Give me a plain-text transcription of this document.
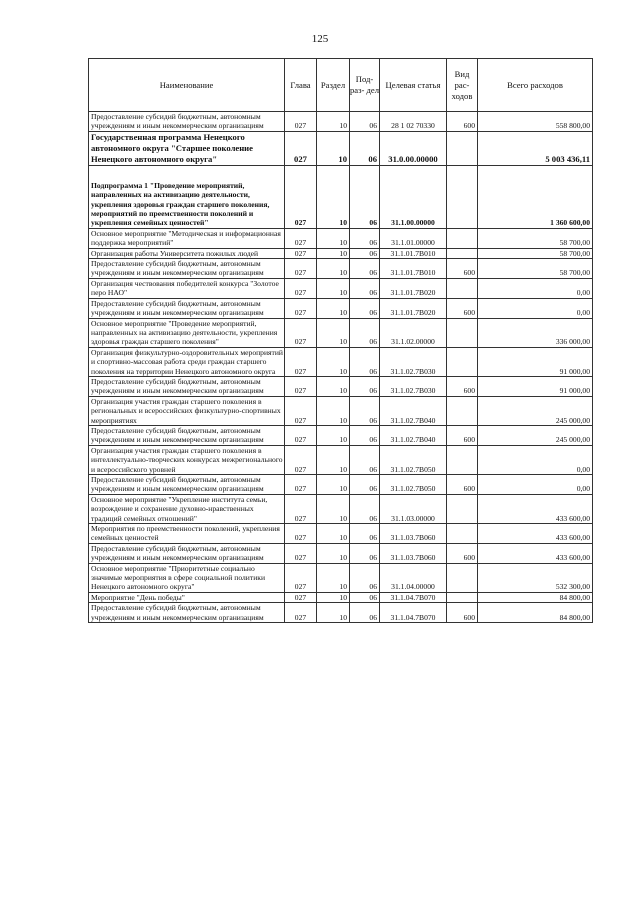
125
Наименование	Глава	Раздел	Под- раз- дел	Целевая статья	Вид рас- ходов	Всего расходов
Предоставление субсидий бюджетным, автономным учреждениям и иным некоммерческим организациям	027	10	06	28 1 02 70330	600	558 800,00
Государственная программа Ненецкого автономного округа "Старшее поколение Ненецкого автономного округа"	027	10	06	31.0.00.00000		5 003 436,11

Подпрограмма 1 "Проведение мероприятий, направленных на активизацию деятельности, укрепления здоровья граждан старшего поколения, мероприятий по преемственности поколений и укрепления семейных ценностей"	027	10	06	31.1.00.00000		1 360 600,00
Основное мероприятие "Методическая и информационная поддержка мероприятий"	027	10	06	31.1.01.00000		58 700,00
Организация работы Университета пожилых людей	027	10	06	31.1.01.7В010		58 700,00
Предоставление субсидий бюджетным, автономным учреждениям и иным некоммерческим организациям	027	10	06	31.1.01.7В010	600	58 700,00
Организация чествования победителей конкурса "Золотое перо НАО"	027	10	06	31.1.01.7В020		0,00
Предоставление субсидий бюджетным, автономным учреждениям и иным некоммерческим организациям	027	10	06	31.1.01.7В020	600	0,00
Основное мероприятие "Проведение мероприятий, направленных на активизацию деятельности, укрепления здоровья граждан старшего поколения"	027	10	06	31.1.02.00000		336 000,00
Организация физкультурно-оздоровительных мероприятий и спортивно-массовая работа среди граждан старшего поколения на территории Ненецкого автономного округа	027	10	06	31.1.02.7В030		91 000,00
Предоставление субсидий бюджетным, автономным учреждениям и иным некоммерческим организациям	027	10	06	31.1.02.7В030	600	91 000,00
Организация участия граждан старшего поколения в региональных и всероссийских физкультурно-спортивных мероприятиях	027	10	06	31.1.02.7В040		245 000,00
Предоставление субсидий бюджетным, автономным учреждениям и иным некоммерческим организациям	027	10	06	31.1.02.7В040	600	245 000,00
Организация участия граждан старшего поколения в интеллектуально-творческих конкурсах межрегионального и всероссийского уровней	027	10	06	31.1.02.7В050		0,00
Предоставление субсидий бюджетным, автономным учреждениям и иным некоммерческим организациям	027	10	06	31.1.02.7В050	600	0,00
Основное мероприятие "Укрепление института семьи, возрождение и сохранение духовно-нравственных традиций семейных отношений"	027	10	06	31.1.03.00000		433 600,00
Мероприятия по преемственности поколений, укрепления семейных ценностей	027	10	06	31.1.03.7В060		433 600,00
Предоставление субсидий бюджетным, автономным учреждениям и иным некоммерческим организациям	027	10	06	31.1.03.7В060	600	433 600,00
Основное мероприятие "Приоритетные социально значимые мероприятия в сфере социальной политики Ненецкого автономного округа"	027	10	06	31.1.04.00000		532 300,00
Мероприятие "День победы"	027	10	06	31.1.04.7В070		84 800,00
Предоставление субсидий бюджетным, автономным учреждениям и иным некоммерческим организациям	027	10	06	31.1.04.7В070	600	84 800,00
